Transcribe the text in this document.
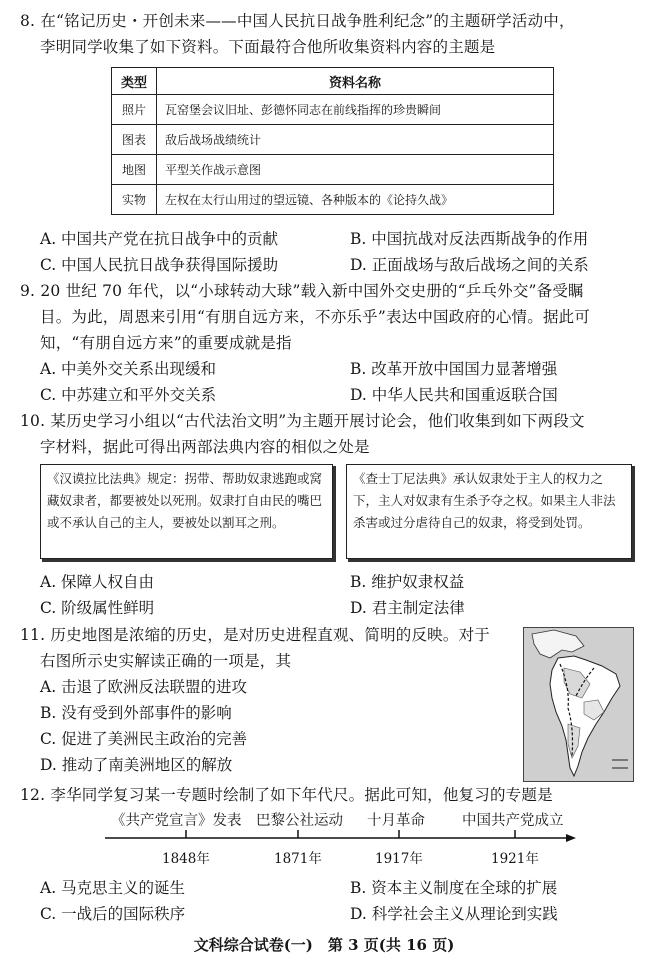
8. 在“铭记历史・开创未来——中国人民抗日战争胜利纪念”的主题研学活动中，
李明同学收集了如下资料。下面最符合他所收集资料内容的主题是
类型	资料名称
照片	瓦窑堡会议旧址、彭德怀同志在前线指挥的珍贵瞬间
图表	敌后战场战绩统计
地图	平型关作战示意图
实物	左权在太行山用过的望远镜、各种版本的《论持久战》
A. 中国共产党在抗日战争中的贡献	B. 中国抗战对反法西斯战争的作用
C. 中国人民抗日战争获得国际援助	D. 正面战场与敌后战场之间的关系
9. 20 世纪 70 年代，以“小球转动大球”载入新中国外交史册的“乒乓外交”备受瞩
目。为此，周恩来引用“有朋自远方来，不亦乐乎”表达中国政府的心情。据此可
知，“有朋自远方来”的重要成就是指
A. 中美外交关系出现缓和	B. 改革开放中国国力显著增强
C. 中苏建立和平外交关系	D. 中华人民共和国重返联合国
10. 某历史学习小组以“古代法治文明”为主题开展讨论会，他们收集到如下两段文
字材料，据此可得出两部法典内容的相似之处是
《汉谟拉比法典》规定：拐带、帮助奴隶逃跑或窝藏奴隶者，都要被处以死刑。奴隶打自由民的嘴巴或不承认自己的主人，要被处以割耳之刑。
《查士丁尼法典》承认奴隶处于主人的权力之下，主人对奴隶有生杀予夺之权。如果主人非法杀害或过分虐待自己的奴隶，将受到处罚。
A. 保障人权自由	B. 维护奴隶权益
C. 阶级属性鲜明	D. 君主制定法律
11. 历史地图是浓缩的历史，是对历史进程直观、简明的反映。对于
右图所示史实解读正确的一项是，其
A. 击退了欧洲反法联盟的进攻
B. 没有受到外部事件的影响
C. 促进了美洲民主政治的完善
D. 推动了南美洲地区的解放
12. 李华同学复习某一专题时绘制了如下年代尺。据此可知，他复习的专题是
《共产党宣言》发表 巴黎公社运动 十月革命	中国共产党成立
1848年	1871年	1917年	1921年
A. 马克思主义的诞生	B. 资本主义制度在全球的扩展
C. 一战后的国际秩序	D. 科学社会主义从理论到实践
文科综合试卷(一)　第 3 页(共 16 页)
